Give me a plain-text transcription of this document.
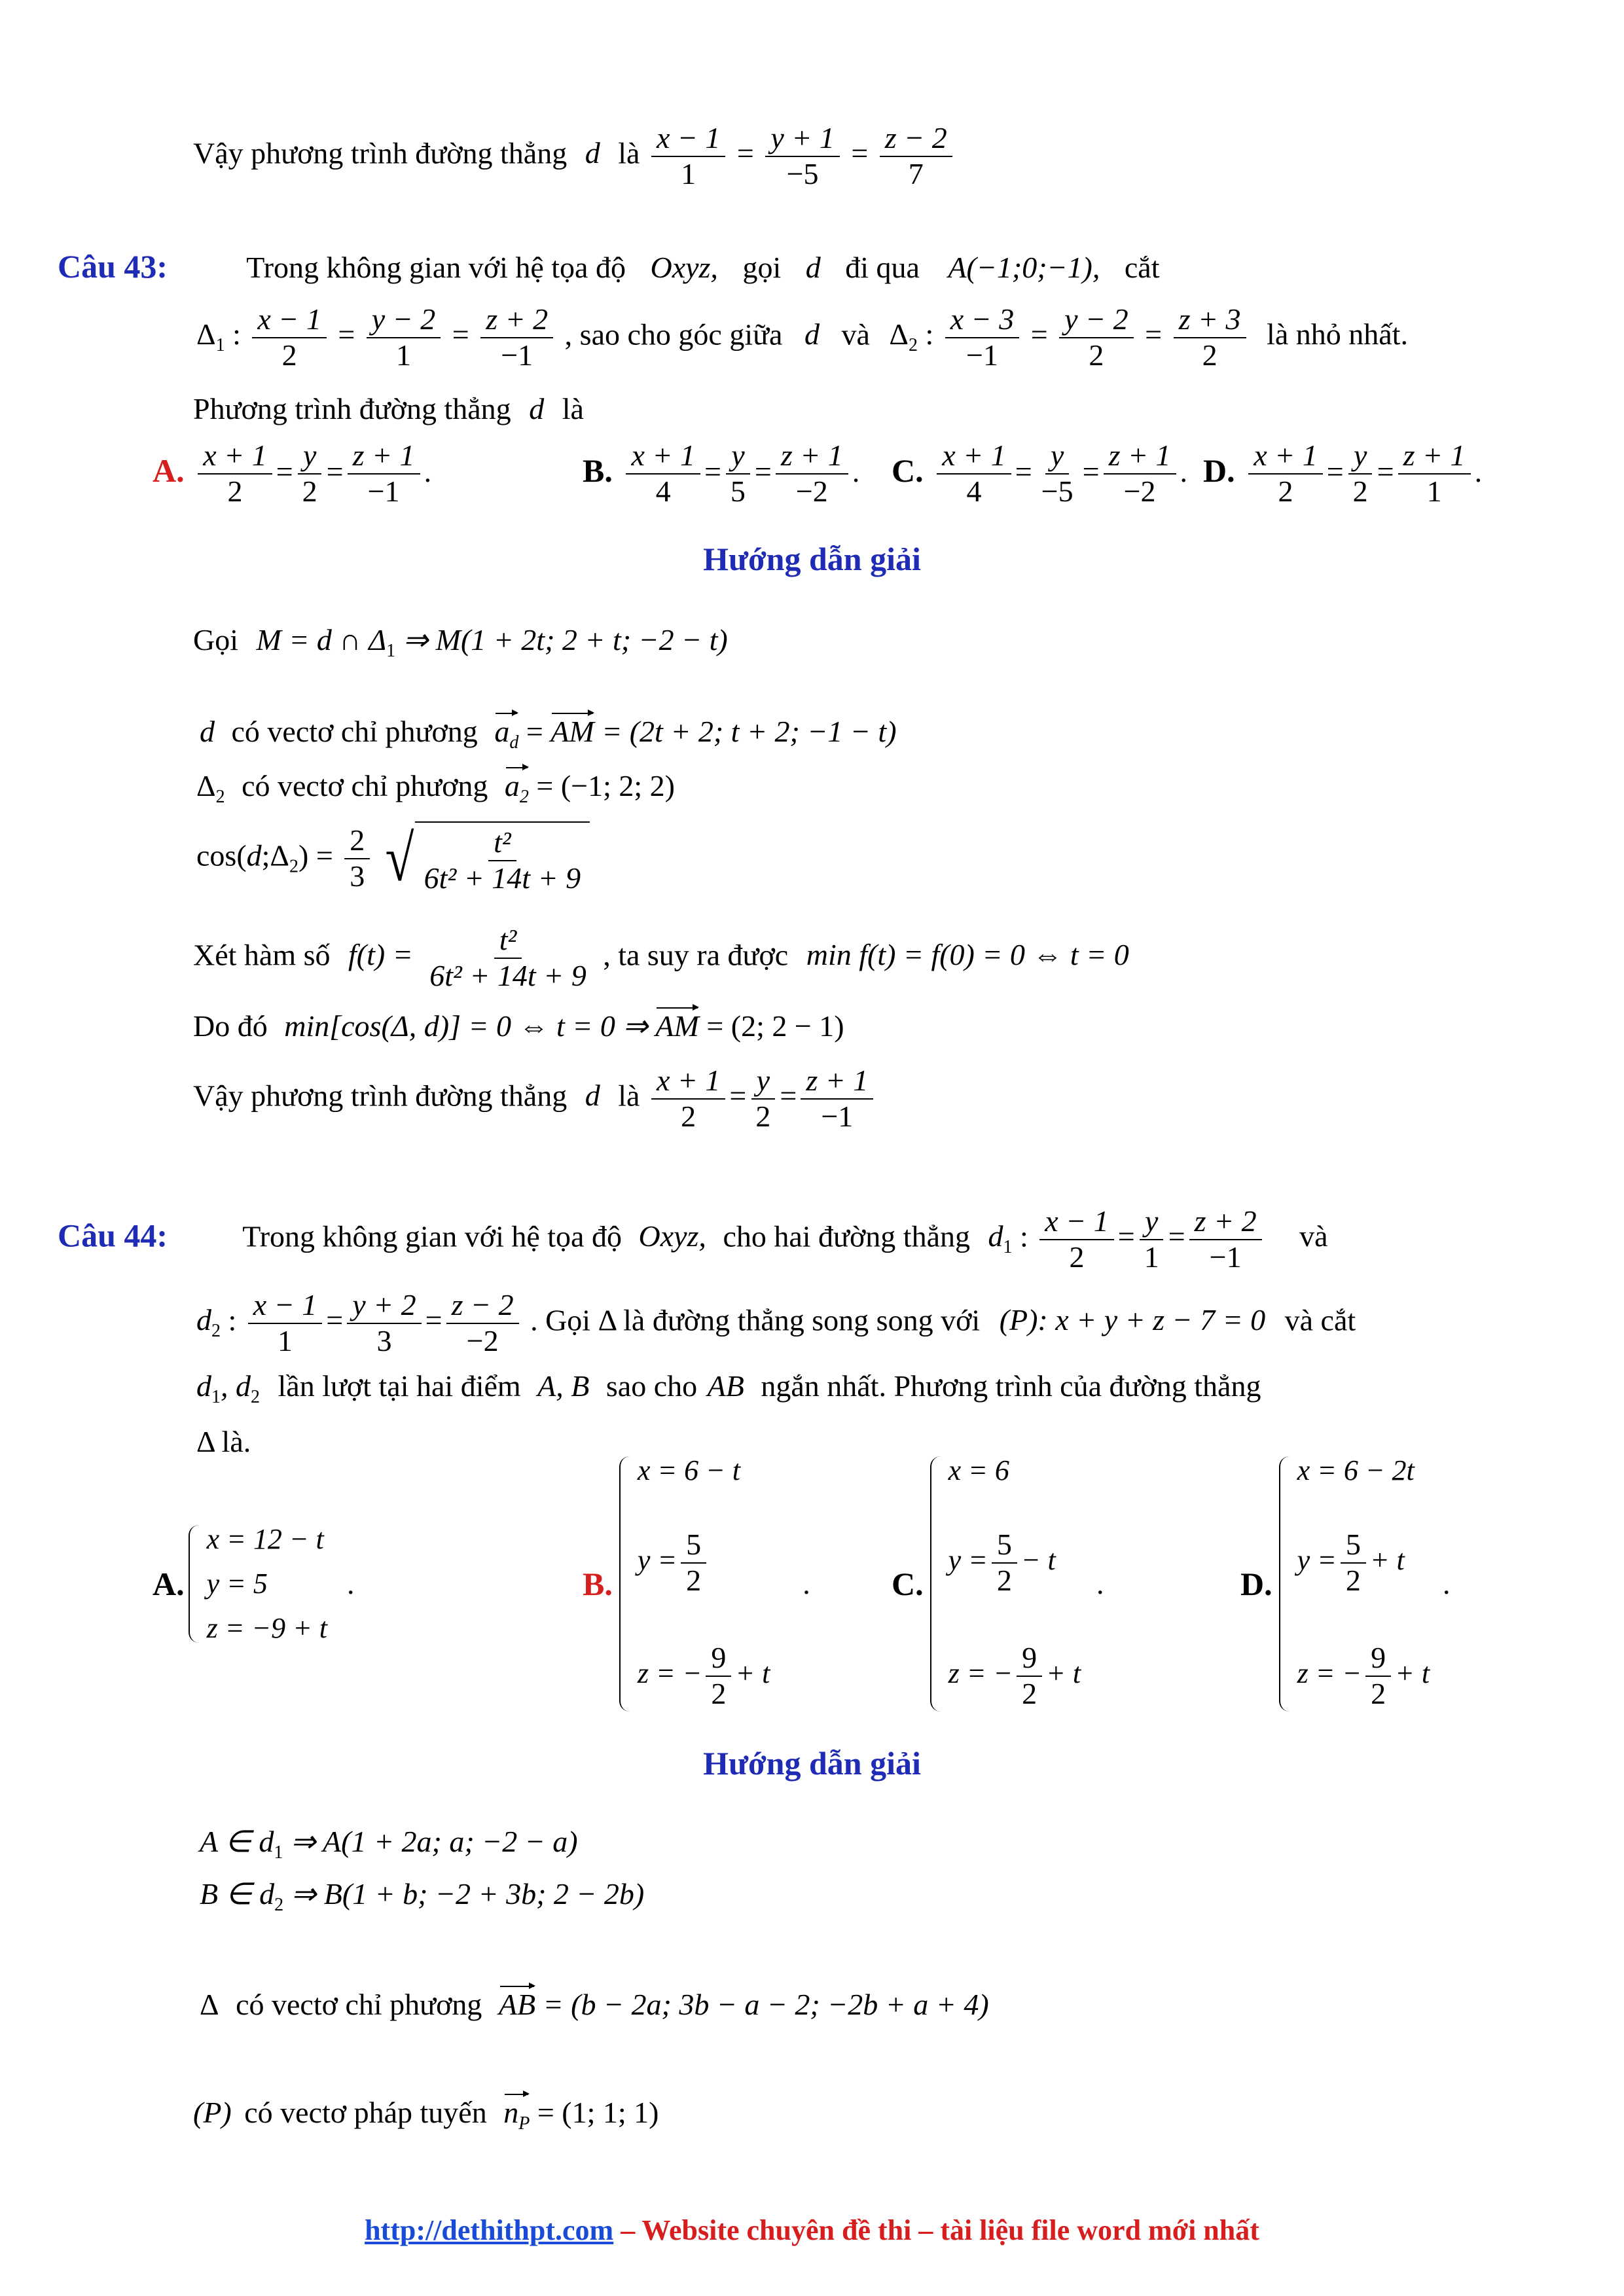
Vậy phương trình đường thẳng d là $\frac{x - 1}{1} = \frac{y + 1}{-5} = \frac{z - 2}{7}$
Câu 43:	Trong không gian với hệ tọa độ Oxyz, gọi d đi qua A(−1;0;−1), cắt
$\Delta_1$ : $\frac{x - 1}{2} = \frac{y - 2}{1} = \frac{z + 2}{-1}$ , sao cho góc giữa d và $\Delta_2$ : $\frac{x - 3}{-1} = \frac{y - 2}{2} = \frac{z + 3}{2}$ là nhỏ nhất.
Phương trình đường thẳng d là
A. $\frac{x + 1}{2} = \frac{y}{2} = \frac{z + 1}{-1}$ .	B. $\frac{x + 1}{4} = \frac{y}{5} = \frac{z + 1}{-2}$ . C. $\frac{x + 1}{4} = \frac{y}{-5} = \frac{z + 1}{-2}$ . D. $\frac{x + 1}{2} = \frac{y}{2} = \frac{z + 1}{1}$ .
Hướng dẫn giải
Gọi M = d ∩ $\Delta_1$ ⇒ M(1 + 2t; 2 + t; −2 − t)
d có vectơ chỉ phương $a_d$ = AM = (2t + 2; t + 2; −1 − t)
$\Delta_2$ có vectơ chỉ phương $a_2 = (-1$; 2; 2)
$\cos(d;\Delta_2) = \frac{2}{3}$
√ $\frac{\text{t²}}{\text{6t² + 14t + 9}}$
Xét hàm số $f(t) = \frac{\text{t²}}{\text{6t² + 14t + 9}}$ , ta suy ra được min f(t) = f(0) = 0 ⇔ t = 0
Do đó min[cos(Δ, d)] = 0 ⇔ t = 0 ⇒ AM = (2; 2 − 1)
Vậy phương trình đường thẳng d là $\frac{x + 1}{2} = \frac{y}{2} = \frac{z + 1}{-1}$
Câu 44: Trong không gian với hệ tọa độ Oxyz, cho hai đường thẳng $d_1$ : $\frac{x - 1}{2} = \frac{y}{1} = \frac{z + 2}{-1}$ và
$d_2$ : $\frac{x - 1}{1} = \frac{y + 2}{3} = \frac{z - 2}{-2}$ . Gọi Δ là đường thẳng song song với (P): x + y + z − 7 = 0 và cắt
$d_1$, $d_2$ lần lượt tại hai điểm A, B sao cho AB ngắn nhất. Phương trình của đường thẳng
Δ là.
A.
x = 12 − t
y = 5
z = −9 + t
.	B.
x = 6 − t
$y = \frac{5}{2}$
z = − $\frac{9}{2} + t$
. C.
x = 6
$y = \frac{5}{2} - t$
z = − $\frac{9}{2} + t$
.	D.
x = 6 − 2t
$y = \frac{5}{2} + t$
z = − $\frac{9}{2} + t$
.
Hướng dẫn giải
A ∈ $d_1$ ⇒ A(1 + 2a; a; −2 − a)
B ∈ $d_2$ ⇒ B(1 + b; −2 + 3b; 2 − 2b)
Δ có vectơ chỉ phương AB = (b − 2a; 3b − a − 2; −2b + a + 4)
(P) có vectơ pháp tuyến $n_P = (1$; 1; 1)
http://dethithpt.com – Website chuyên đề thi – tài liệu file word mới nhất
